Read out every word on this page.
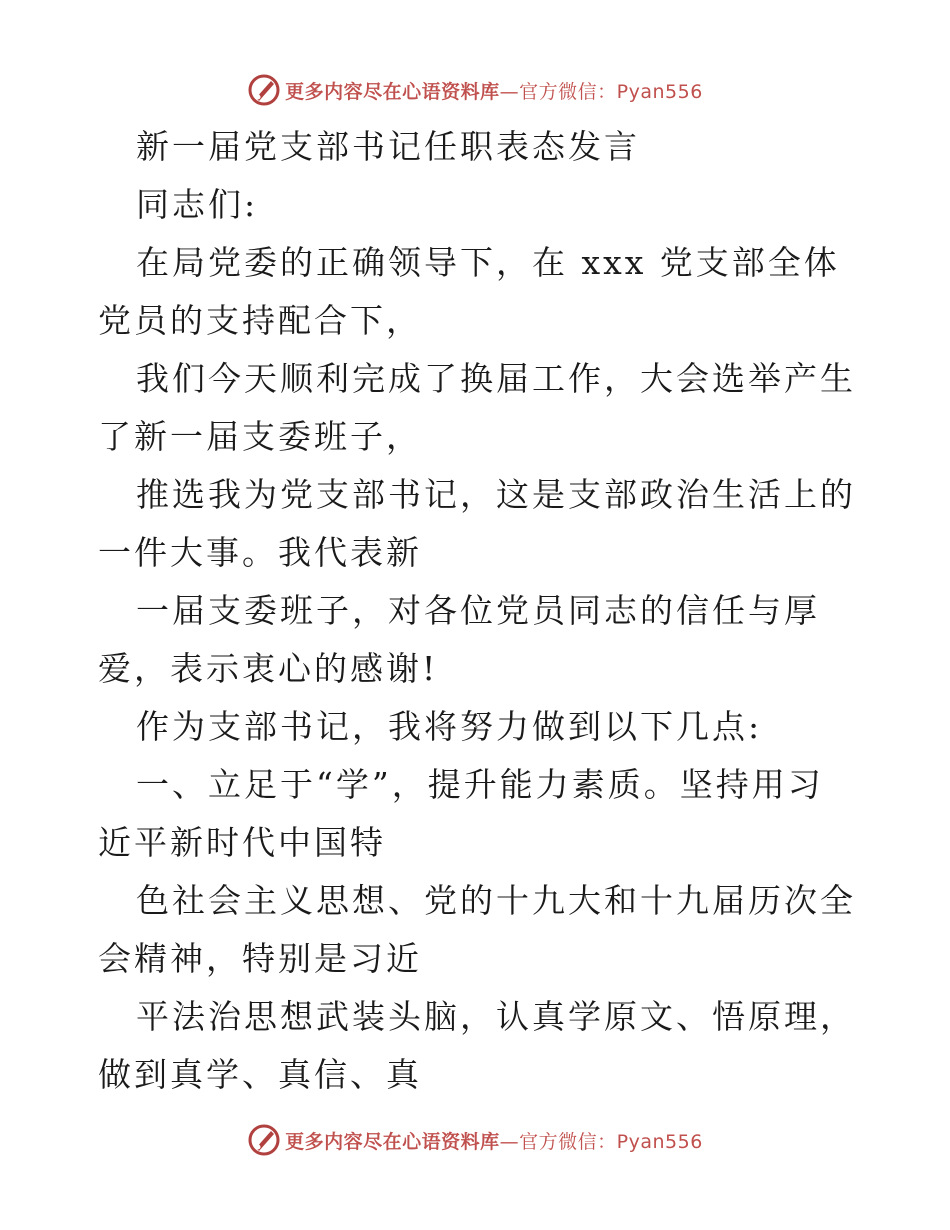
更多内容尽在心语资料库—官方微信：Pyan556

新一届党支部书记任职表态发言

同志们:

在局党委的正确领导下，在 xxx 党支部全体党员的支持配合下，

我们今天顺利完成了换届工作，大会选举产生了新一届支委班子，

推选我为党支部书记，这是支部政治生活上的一件大事。我代表新

一届支委班子，对各位党员同志的信任与厚爱，表示衷心的感谢!

作为支部书记，我将努力做到以下几点:

一、立足于“学”，提升能力素质。坚持用习近平新时代中国特

色社会主义思想、党的十九大和十九届历次全会精神，特别是习近

平法治思想武装头脑，认真学原文、悟原理，做到真学、真信、真

更多内容尽在心语资料库—官方微信：Pyan556
